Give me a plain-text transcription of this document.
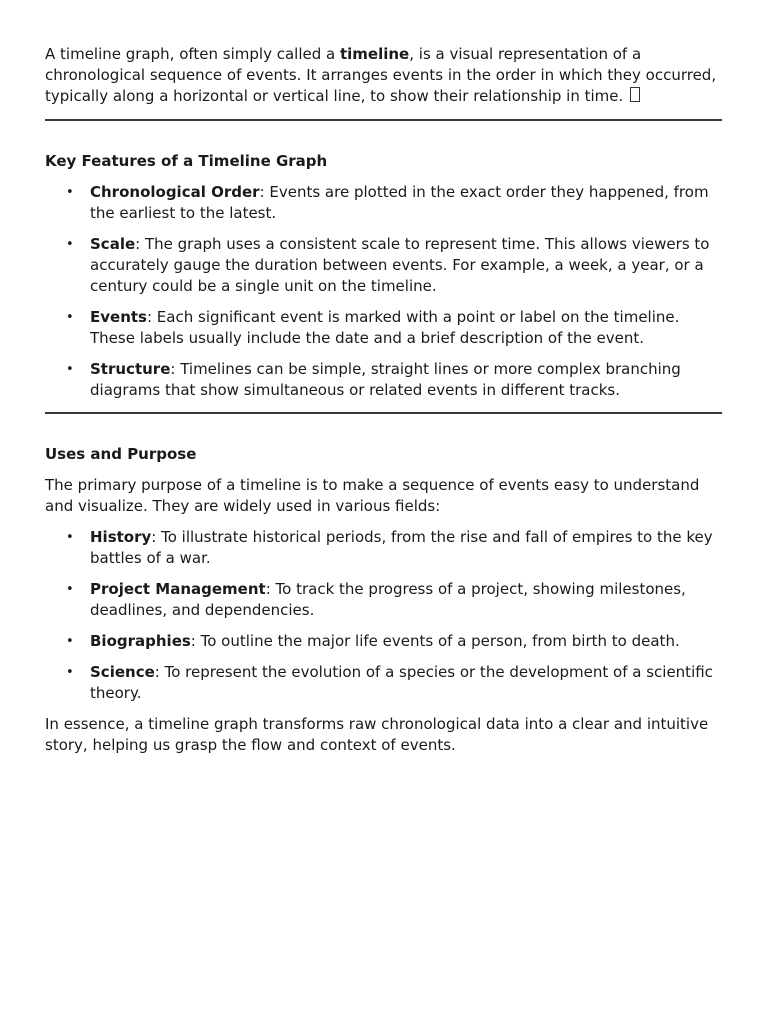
A timeline graph, often simply called a timeline, is a visual representation of a chronological sequence of events. It arranges events in the order in which they occurred, typically along a horizontal or vertical line, to show their relationship in time.

Key Features of a Timeline Graph
• Chronological Order: Events are plotted in the exact order they happened, from the earliest to the latest.
• Scale: The graph uses a consistent scale to represent time. This allows viewers to accurately gauge the duration between events. For example, a week, a year, or a century could be a single unit on the timeline.
• Events: Each significant event is marked with a point or label on the timeline. These labels usually include the date and a brief description of the event.
• Structure: Timelines can be simple, straight lines or more complex branching diagrams that show simultaneous or related events in different tracks.
Uses and Purpose

The primary purpose of a timeline is to make a sequence of events easy to understand and visualize. They are widely used in various fields:

• History: To illustrate historical periods, from the rise and fall of empires to the key battles of a war.
• Project Management: To track the progress of a project, showing milestones, deadlines, and dependencies.
• Biographies: To outline the major life events of a person, from birth to death.
• Science: To represent the evolution of a species or the development of a scientific theory.

In essence, a timeline graph transforms raw chronological data into a clear and intuitive story, helping us grasp the flow and context of events.
